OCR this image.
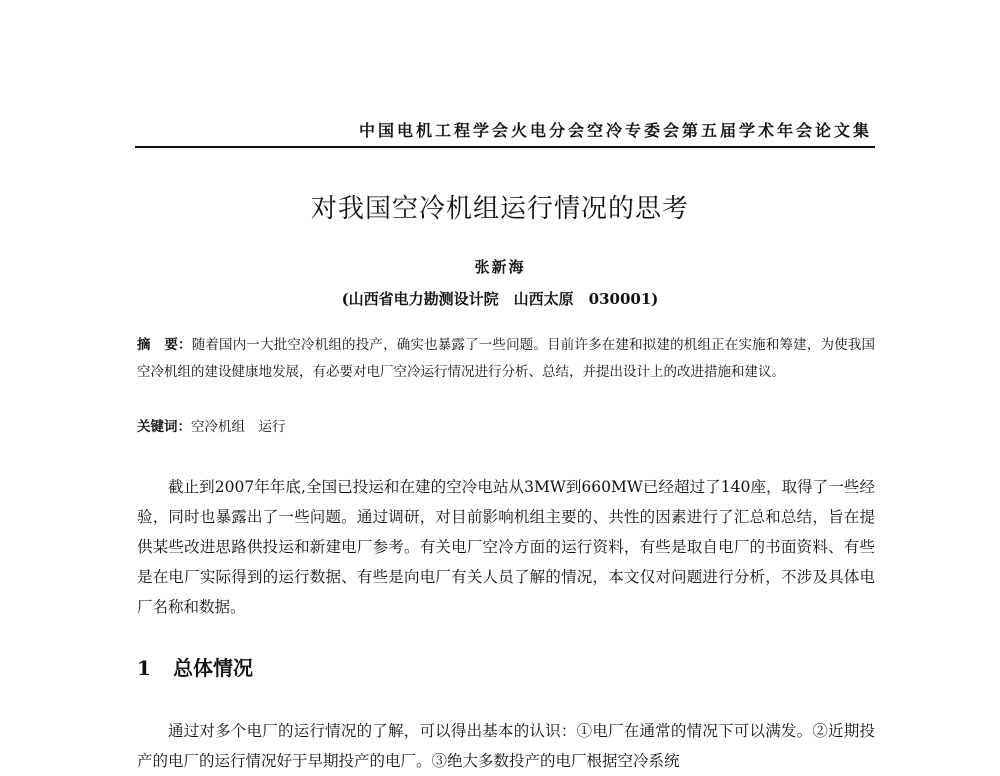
中国电机工程学会火电分会空冷专委会第五届学术年会论文集
对我国空冷机组运行情况的思考
张新海
(山西省电力勘测设计院　山西太原　030001)
摘　要：随着国内一大批空冷机组的投产，确实也暴露了一些问题。目前许多在建和拟建的机组正在实施和筹建，为使我国空冷机组的建设健康地发展，有必要对电厂空冷运行情况进行分析、总结，并提出设计上的改进措施和建议。
关键词：空冷机组　运行
截止到2007年年底,全国已投运和在建的空冷电站从3MW到660MW已经超过了140座，取得了一些经验，同时也暴露出了一些问题。通过调研，对目前影响机组主要的、共性的因素进行了汇总和总结，旨在提供某些改进思路供投运和新建电厂参考。有关电厂空冷方面的运行资料，有些是取自电厂的书面资料、有些是在电厂实际得到的运行数据、有些是向电厂有关人员了解的情况，本文仅对问题进行分析，不涉及具体电厂名称和数据。
1 总体情况
通过对多个电厂的运行情况的了解，可以得出基本的认识：①电厂在通常的情况下可以满发。②近期投产的电厂的运行情况好于早期投产的电厂。③绝大多数投产的电厂根据空冷系统
